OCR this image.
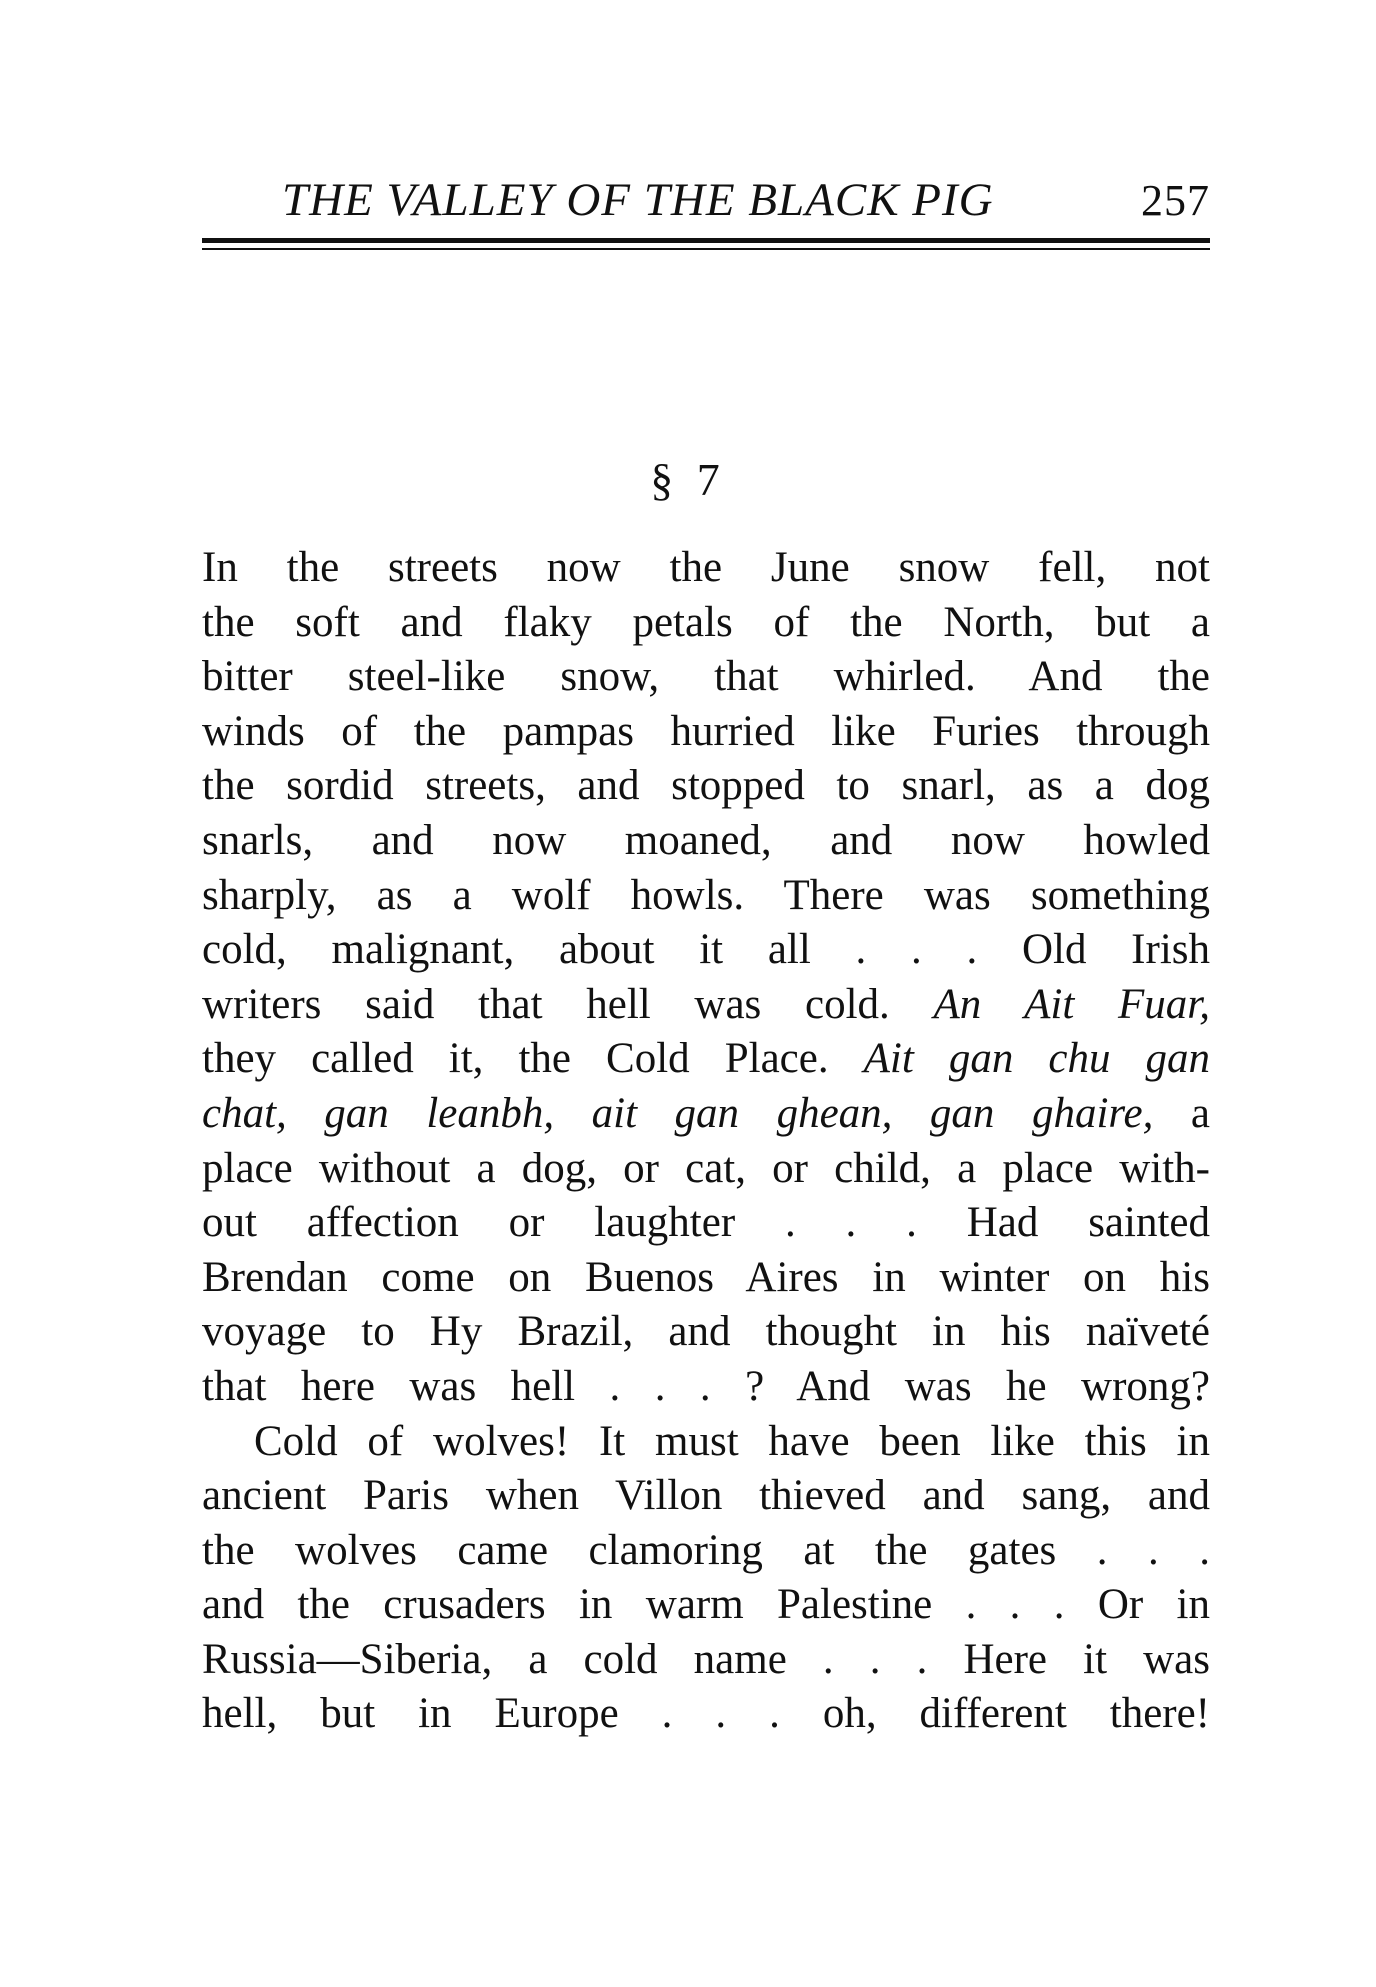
THE VALLEY OF THE BLACK PIG	257
§ 7
In the streets now the June snow fell, not
the soft and flaky petals of the North, but a
bitter steel-like snow, that whirled. And the
winds of the pampas hurried like Furies through
the sordid streets, and stopped to snarl, as a dog
snarls, and now moaned, and now howled
sharply, as a wolf howls. There was something
cold, malignant, about it all . . . Old Irish
writers said that hell was cold. An Ait Fuar,
they called it, the Cold Place. Ait gan chu gan
chat, gan leanbh, ait gan ghean, gan ghaire, a
place without a dog, or cat, or child, a place with-
out affection or laughter . . . Had sainted
Brendan come on Buenos Aires in winter on his
voyage to Hy Brazil, and thought in his naïveté
that here was hell . . . ? And was he wrong?
Cold of wolves! It must have been like this in
ancient Paris when Villon thieved and sang, and
the wolves came clamoring at the gates . . .
and the crusaders in warm Palestine . . . Or in
Russia—Siberia, a cold name . . . Here it was
hell, but in Europe . . . oh, different there!
